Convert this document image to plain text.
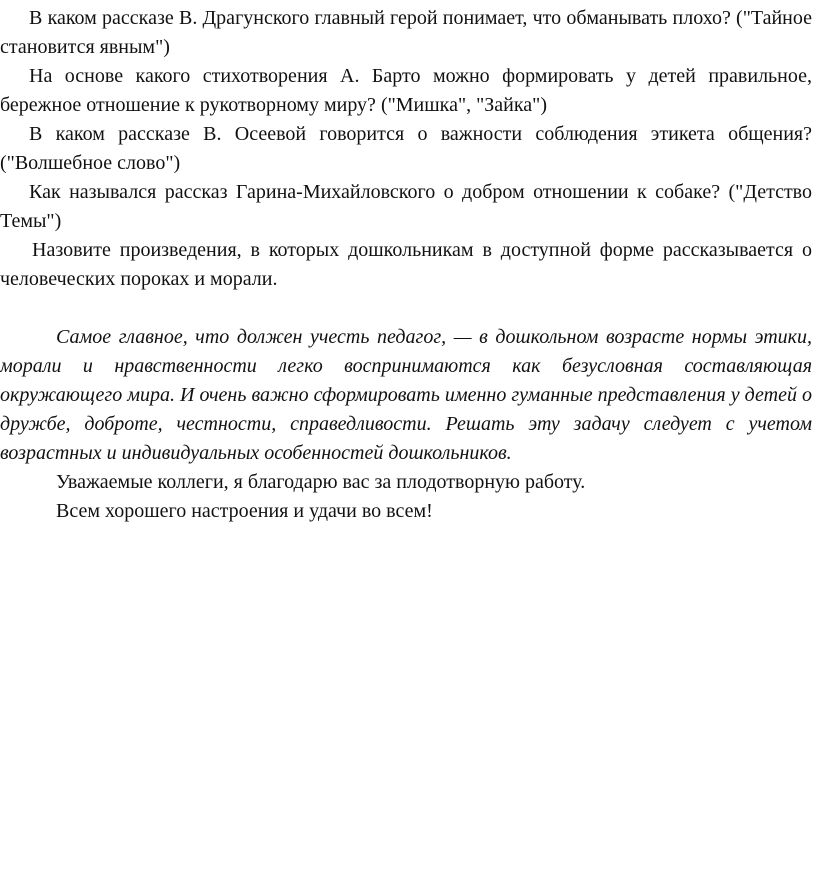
В каком рассказе В. Драгунского главный герой понимает, что обманывать плохо? ("Тайное становится явным")

На основе какого стихотворения А. Барто можно формировать у детей правильное, бережное отношение к рукотворному миру? ("Мишка", "Зайка")

В каком рассказе В. Осеевой говорится о важности соблюдения этикета общения? ("Волшебное слово")

Как назывался рассказ Гарина-Михайловского о добром отношении к собаке? ("Детство Темы")

Назовите произведения, в которых дошкольникам в доступной форме рассказывается о человеческих пороках и морали.

Самое главное, что должен учесть педагог, — в дошкольном возрасте нормы этики, морали и нравственности легко воспринимаются как безусловная составляющая окружающего мира. И очень важно сформировать именно гуманные представления у детей о дружбе, доброте, честности, справедливости. Решать эту задачу следует с учетом возрастных и индивидуальных особенностей дошкольников.

Уважаемые коллеги, я благодарю вас за плодотворную работу.

Всем хорошего настроения и удачи во всем!
